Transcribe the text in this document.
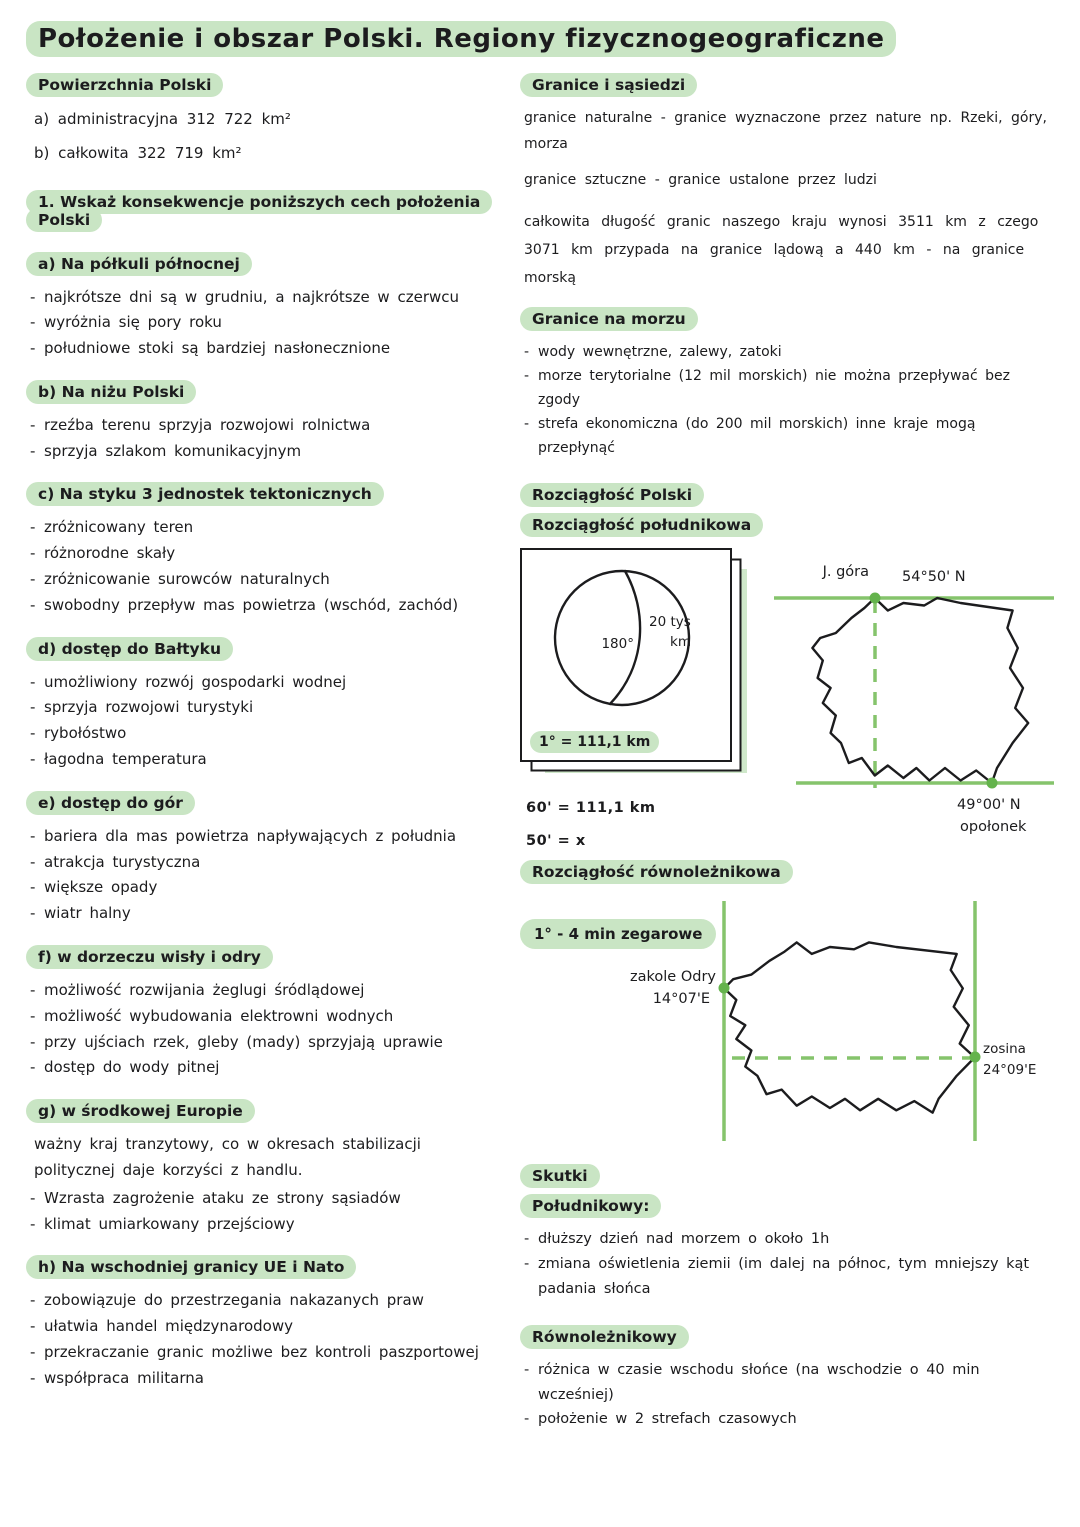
Położenie i obszar Polski. Regiony fizycznogeograficzne
Powierzchnia Polski

a) administracyjna 312 722 km²

b) całkowita 322 719 km²

1. Wskaż konsekwencje poniższych cech położenia Polski
a) Na półkuli północnej
- najkrótsze dni są w grudniu, a najkrótsze w czerwcu
- wyróżnia się pory roku
- południowe stoki są bardziej nasłonecznione
b) Na niżu Polski
- rzeźba terenu sprzyja rozwojowi rolnictwa
- sprzyja szlakom komunikacyjnym
c) Na styku 3 jednostek tektonicznych
- zróżnicowany teren
- różnorodne skały
- zróżnicowanie surowców naturalnych
- swobodny przepływ mas powietrza (wschód, zachód)
d) dostęp do Bałtyku
- umożliwiony rozwój gospodarki wodnej
- sprzyja rozwojowi turystyki
- rybołóstwo
- łagodna temperatura
e) dostęp do gór
- bariera dla mas powietrza napływających z południa
- atrakcja turystyczna
- większe opady
- wiatr halny
f) w dorzeczu wisły i odry
- możliwość rozwijania żeglugi śródlądowej
- możliwość wybudowania elektrowni wodnych
- przy ujściach rzek, gleby (mady) sprzyjają uprawie
- dostęp do wody pitnej
g) w środkowej Europie

ważny kraj tranzytowy, co w okresach stabilizacji politycznej daje korzyści z handlu.

- Wzrasta zagrożenie ataku ze strony sąsiadów
- klimat umiarkowany przejściowy
h) Na wschodniej granicy UE i Nato
- zobowiązuje do przestrzegania nakazanych praw
- ułatwia handel międzynarodowy
- przekraczanie granic możliwe bez kontroli paszportowej
- współpraca militarna
Granice i sąsiedzi

granice naturalne - granice wyznaczone przez nature np. Rzeki, góry, morza

granice sztuczne - granice ustalone przez ludzi

całkowita długość granic naszego kraju wynosi 3511 km z czego 3071 km przypada na granice lądową a 440 km - na granice morską

Granice na morzu
- wody wewnętrzne, zalewy, zatoki
- morze terytorialne (12 mil morskich) nie można przepływać bez zgody
- strefa ekonomiczna (do 200 mil morskich) inne kraje mogą przepłynąć
Rozciągłość Polski
Rozciągłość południkowa
180°
20 tys
km
1° = 111,1 km
60' = 111,1 km
50' = x
J. góra 54°50' N
49°00' N
opołonek
Rozciągłość równoleżnikowa
1° - 4 min zegarowe
zakole Odry
14°07'E
zosina
24°09'E
Skutki
Południkowy:
- dłuższy dzień nad morzem o około 1h
- zmiana oświetlenia ziemii (im dalej na północ, tym mniejszy kąt padania słońca
Równoleżnikowy
- różnica w czasie wschodu słońce (na wschodzie o 40 min wcześniej)
- położenie w 2 strefach czasowych
